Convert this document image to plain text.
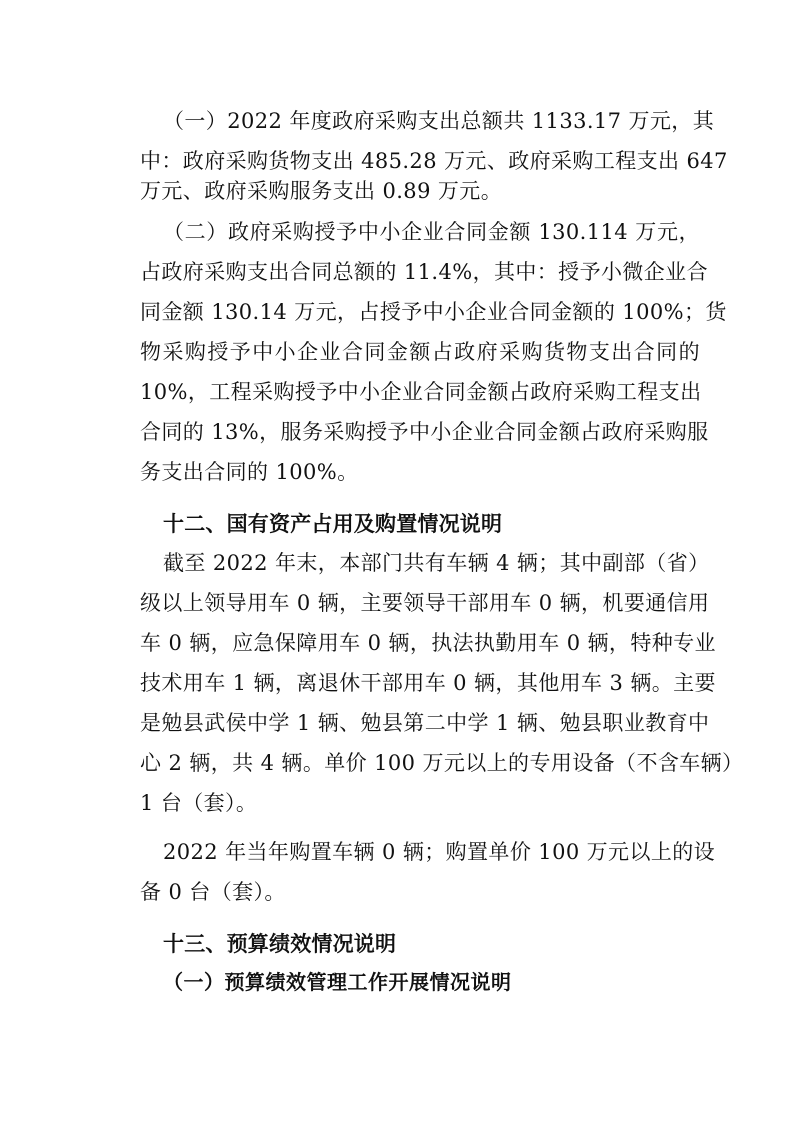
（一）2022 年度政府采购支出总额共 1133.17 万元，其
中：政府采购货物支出 485.28 万元、政府采购工程支出 647
万元、政府采购服务支出 0.89 万元。
（二）政府采购授予中小企业合同金额 130.114 万元，
占政府采购支出合同总额的 11.4%，其中：授予小微企业合
同金额 130.14 万元，占授予中小企业合同金额的 100%；货
物采购授予中小企业合同金额占政府采购货物支出合同的
10%，工程采购授予中小企业合同金额占政府采购工程支出
合同的 13%，服务采购授予中小企业合同金额占政府采购服
务支出合同的 100%。
十二、国有资产占用及购置情况说明
截至 2022 年末，本部门共有车辆 4 辆；其中副部（省）
级以上领导用车 0 辆，主要领导干部用车 0 辆，机要通信用
车 0 辆，应急保障用车 0 辆，执法执勤用车 0 辆，特种专业
技术用车 1 辆，离退休干部用车 0 辆，其他用车 3 辆。主要
是勉县武侯中学 1 辆、勉县第二中学 1 辆、勉县职业教育中
心 2 辆，共 4 辆。单价 100 万元以上的专用设备（不含车辆）
1 台（套）。
2022 年当年购置车辆 0 辆；购置单价 100 万元以上的设
备 0 台（套）。
十三、预算绩效情况说明
（一）预算绩效管理工作开展情况说明
